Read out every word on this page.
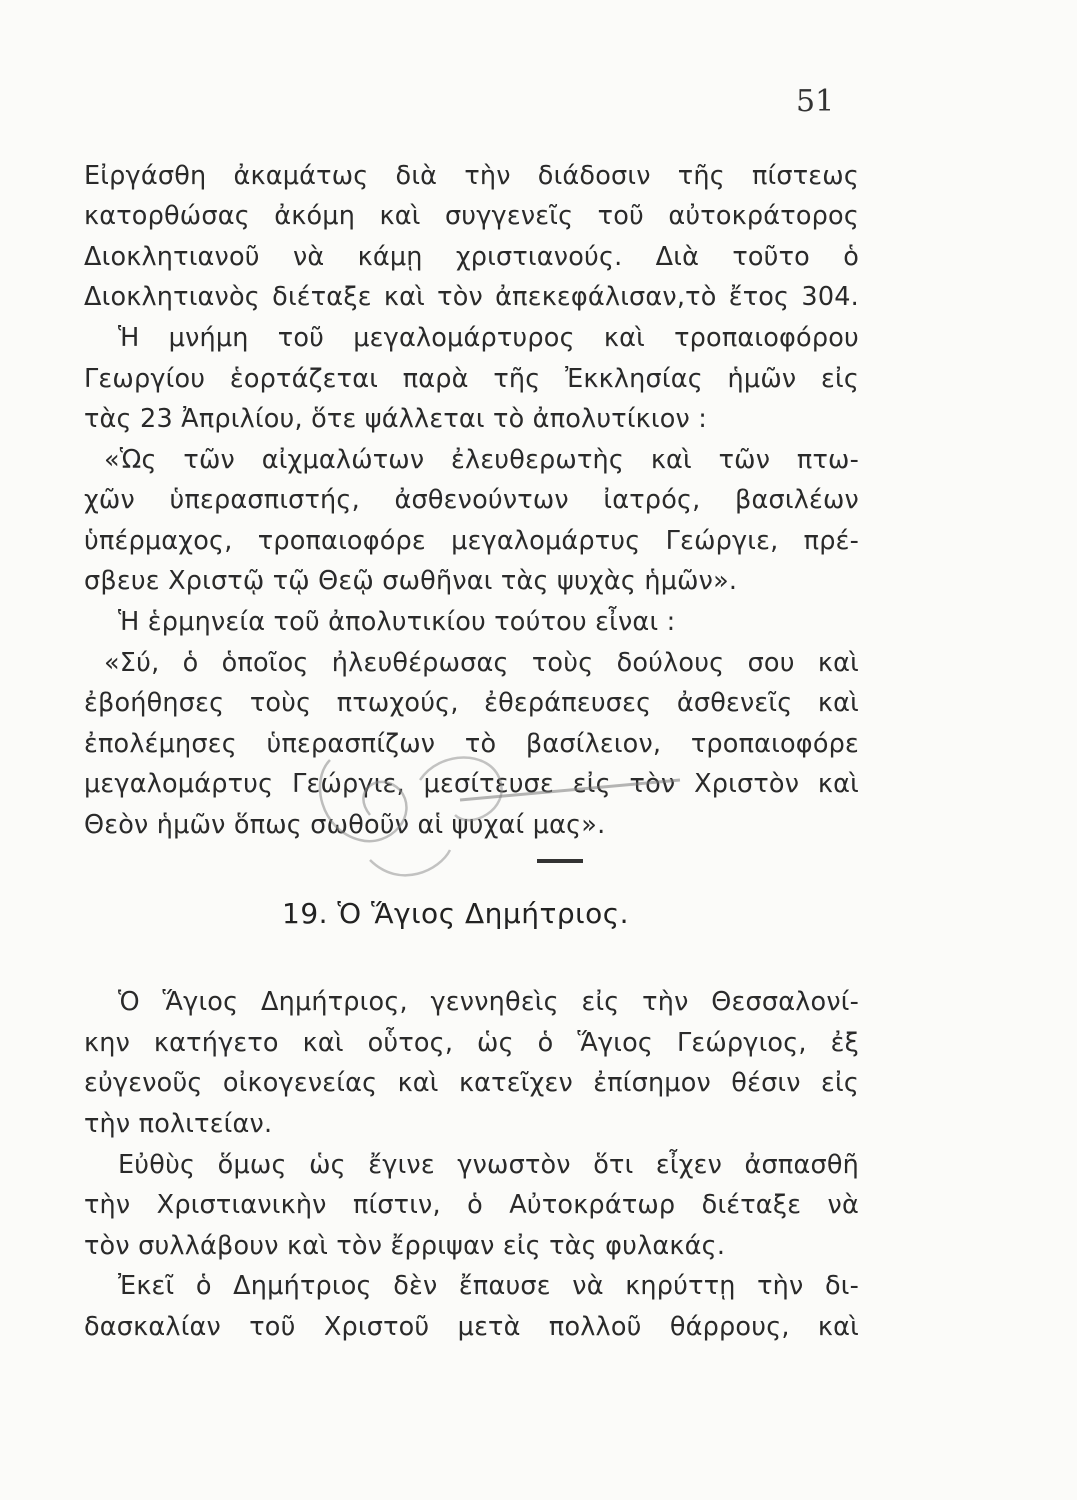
51
Εἰργάσθη ἀκαμάτως διὰ τὴν διάδοσιν τῆς πίστεως
κατορθώσας ἀκόμη καὶ συγγενεῖς τοῦ αὐτοκράτορος
Διοκλητιανοῦ νὰ κάμῃ χριστιανούς. Διὰ τοῦτο ὁ
Διοκλητιανὸς διέταξε καὶ τὸν ἀπεκεφάλισαν,τὸ ἔτος 304.
Ἡ μνήμη τοῦ μεγαλομάρτυρος καὶ τροπαιοφόρου
Γεωργίου ἑορτάζεται παρὰ τῆς Ἐκκλησίας ἡμῶν εἰς
τὰς 23 Ἀπριλίου, ὅτε ψάλλεται τὸ ἀπολυτίκιον :
«Ὡς τῶν αἰχμαλώτων ἐλευθερωτὴς καὶ τῶν πτω-
χῶν ὑπερασπιστής, ἀσθενούντων ἰατρός, βασιλέων
ὑπέρμαχος, τροπαιοφόρε μεγαλομάρτυς Γεώργιε, πρέ-
σβευε Χριστῷ τῷ Θεῷ σωθῆναι τὰς ψυχὰς ἡμῶν».
Ἡ ἑρμηνεία τοῦ ἀπολυτικίου τούτου εἶναι :
«Σύ, ὁ ὁποῖος ἠλευθέρωσας τοὺς δούλους σου καὶ
ἐβοήθησες τοὺς πτωχούς, ἐθεράπευσες ἀσθενεῖς καὶ
ἐπολέμησες ὑπερασπίζων τὸ βασίλειον, τροπαιοφόρε
μεγαλομάρτυς Γεώργιε, μεσίτευσε εἰς τὸν Χριστὸν καὶ
Θεὸν ἡμῶν ὅπως σωθοῦν αἱ ψυχαί μας».
19. Ὁ Ἅγιος Δημήτριος.
Ὁ Ἅγιος Δημήτριος, γεννηθεὶς εἰς τὴν Θεσσαλονί-
κην κατήγετο καὶ οὗτος, ὡς ὁ Ἅγιος Γεώργιος, ἐξ
εὐγενοῦς οἰκογενείας καὶ κατεῖχεν ἐπίσημον θέσιν εἰς
τὴν πολιτείαν.
Εὐθὺς ὅμως ὡς ἔγινε γνωστὸν ὅτι εἶχεν ἀσπασθῆ
τὴν Χριστιανικὴν πίστιν, ὁ Αὐτοκράτωρ διέταξε νὰ
τὸν συλλάβουν καὶ τὸν ἔρριψαν εἰς τὰς φυλακάς.
Ἐκεῖ ὁ Δημήτριος δὲν ἔπαυσε νὰ κηρύττῃ τὴν δι-
δασκαλίαν τοῦ Χριστοῦ μετὰ πολλοῦ θάρρους, καὶ
